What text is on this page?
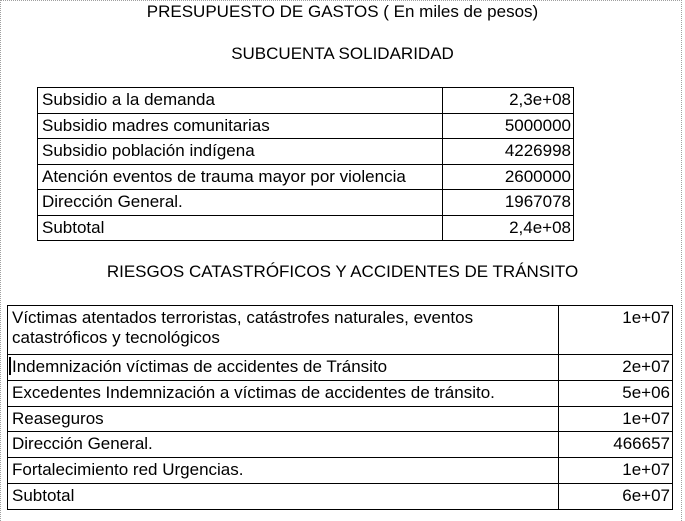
PRESUPUESTO DE GASTOS ( En miles de pesos)
SUBCUENTA SOLIDARIDAD
Subsidio a la demanda	2,3e+08
Subsidio madres comunitarias	5000000
Subsidio población indígena	4226998
Atención eventos de trauma mayor por violencia	2600000
Dirección General.	1967078
Subtotal	2,4e+08
RIESGOS CATASTRÓFICOS Y ACCIDENTES DE TRÁNSITO
Víctimas atentados terroristas, catástrofes naturales, eventos catastróficos y tecnológicos	1e+07
Indemnización víctimas de accidentes de Tránsito	2e+07
Excedentes Indemnización a víctimas de accidentes de tránsito.	5e+06
Reaseguros	1e+07
Dirección General.	466657
Fortalecimiento red Urgencias.	1e+07
Subtotal	6e+07
